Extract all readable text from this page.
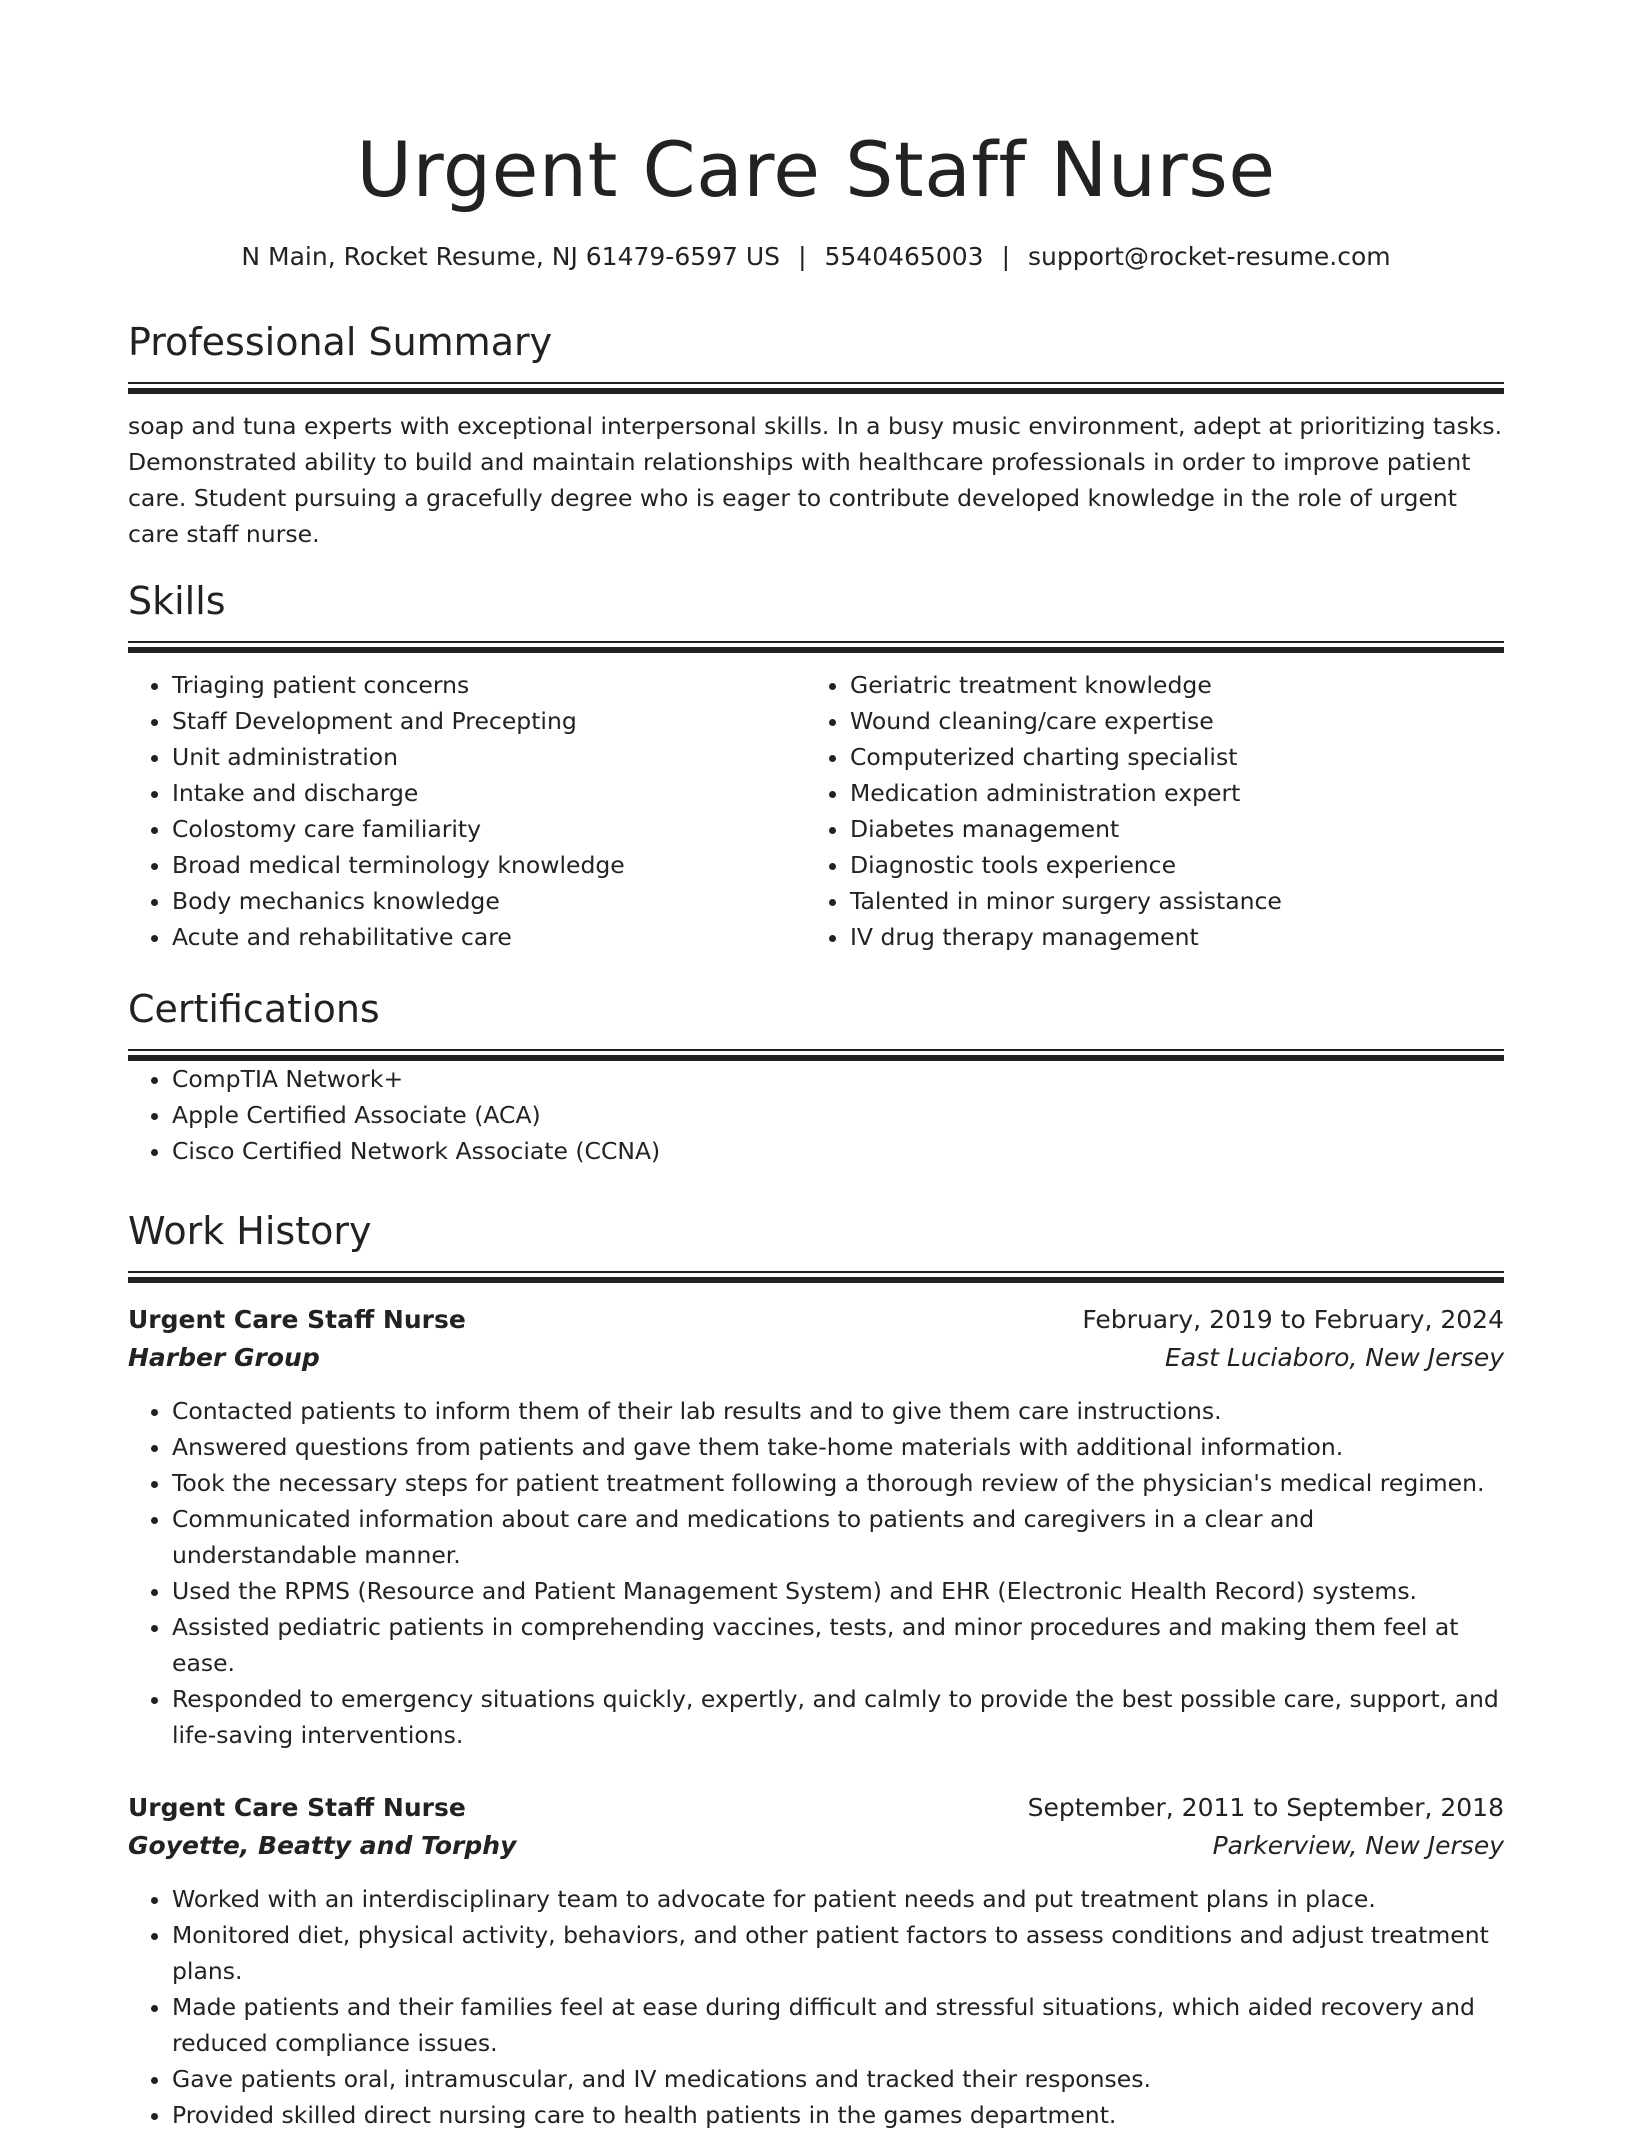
Urgent Care Staff Nurse
N Main, Rocket Resume, NJ 61479-6597 US | 5540465003 | support@rocket-resume.com
Professional Summary

soap and tuna experts with exceptional interpersonal skills. In a busy music environment, adept at prioritizing tasks. Demonstrated ability to build and maintain relationships with healthcare professionals in order to improve patient care. Student pursuing a gracefully degree who is eager to contribute developed knowledge in the role of urgent care staff nurse.

Skills
• Triaging patient concerns
• Staff Development and Precepting
• Unit administration
• Intake and discharge
• Colostomy care familiarity
• Broad medical terminology knowledge
• Body mechanics knowledge
• Acute and rehabilitative care
• Geriatric treatment knowledge
• Wound cleaning/care expertise
• Computerized charting specialist
• Medication administration expert
• Diabetes management
• Diagnostic tools experience
• Talented in minor surgery assistance
• IV drug therapy management
Certifications
• CompTIA Network+
• Apple Certified Associate (ACA)
• Cisco Certified Network Associate (CCNA)
Work History
Urgent Care Staff Nurse	February, 2019 to February, 2024
Harber Group	East Luciaboro, New Jersey
• Contacted patients to inform them of their lab results and to give them care instructions.
• Answered questions from patients and gave them take-home materials with additional information.
• Took the necessary steps for patient treatment following a thorough review of the physician's medical regimen.
• Communicated information about care and medications to patients and caregivers in a clear and understandable manner.
• Used the RPMS (Resource and Patient Management System) and EHR (Electronic Health Record) systems.
• Assisted pediatric patients in comprehending vaccines, tests, and minor procedures and making them feel at ease.
• Responded to emergency situations quickly, expertly, and calmly to provide the best possible care, support, and life-saving interventions.
Urgent Care Staff Nurse	September, 2011 to September, 2018
Goyette, Beatty and Torphy	Parkerview, New Jersey
• Worked with an interdisciplinary team to advocate for patient needs and put treatment plans in place.
• Monitored diet, physical activity, behaviors, and other patient factors to assess conditions and adjust treatment plans.
• Made patients and their families feel at ease during difficult and stressful situations, which aided recovery and reduced compliance issues.
• Gave patients oral, intramuscular, and IV medications and tracked their responses.
• Provided skilled direct nursing care to health patients in the games department.
